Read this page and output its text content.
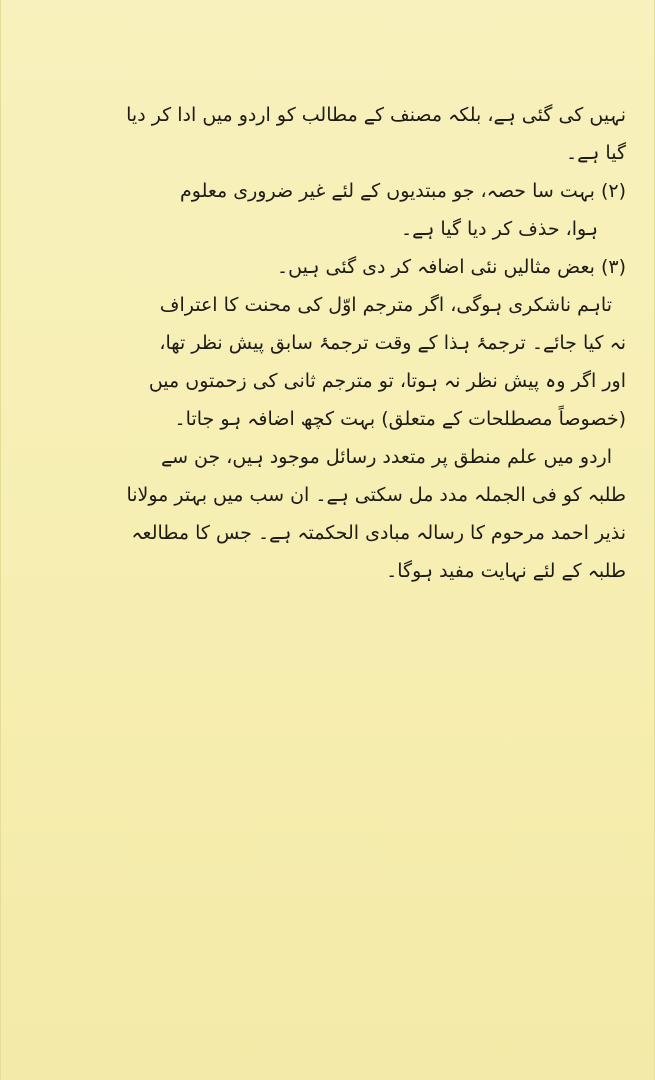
نہیں کی گئی ہے، بلکہ مصنف کے مطالب کو اردو میں ادا کر دیا
گیا ہے۔
(۲) بہت سا حصہ، جو مبتدیوں کے لئے غیر ضروری معلوم
ہوا، حذف کر دیا گیا ہے۔
(۳) بعض مثالیں نئی اضافہ کر دی گئی ہیں۔
تاہم ناشکری ہوگی، اگر مترجم اوّل کی محنت کا اعتراف
نہ کیا جائے۔ ترجمۂ ہذا کے وقت ترجمۂ سابق پیش نظر تھا،
اور اگر وہ پیش نظر نہ ہوتا، تو مترجم ثانی کی زحمتوں میں
(خصوصاً مصطلحات کے متعلق) بہت کچھ اضافہ ہو جاتا۔
اردو میں علم منطق پر متعدد رسائل موجود ہیں، جن سے
طلبہ کو فی الجملہ مدد مل سکتی ہے۔ ان سب میں بہتر مولانا
نذیر احمد مرحوم کا رسالہ مبادی الحکمتہ ہے۔ جس کا مطالعہ
طلبہ کے لئے نہایت مفید ہوگا۔
